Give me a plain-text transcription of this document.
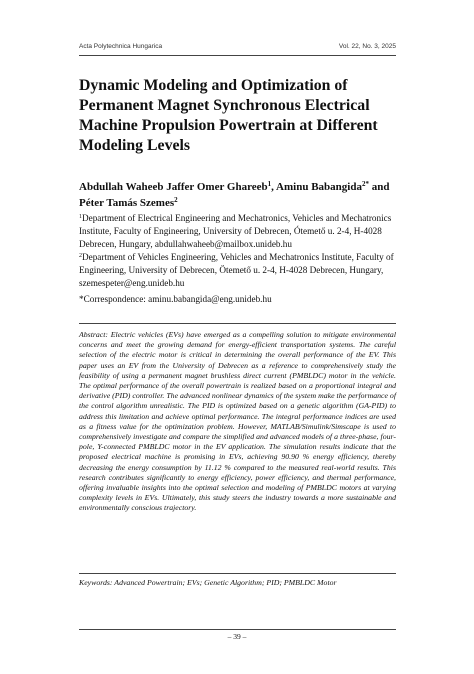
Acta Polytechnica Hungarica	Vol. 22, No. 3, 2025
Dynamic Modeling and Optimization of Permanent Magnet Synchronous Electrical Machine Propulsion Powertrain at Different Modeling Levels

Abdullah Waheeb Jaffer Omer Ghareeb$^1$, Aminu Babangida$^{2*}$ and Péter Tamás Szemes$^2$

$^1$Department of Electrical Engineering and Mechatronics, Vehicles and Mechatronics Institute, Faculty of Engineering, University of Debrecen, Ótemető u. 2-4, H-4028 Debrecen, Hungary, abdullahwaheeb@mailbox.unideb.hu

$^2$Department of Vehicles Engineering, Vehicles and Mechatronics Institute, Faculty of Engineering, University of Debrecen, Ötemető u. 2-4, H-4028 Debrecen, Hungary, szemespeter@eng.unideb.hu

*Correspondence: aminu.babangida@eng.unideb.hu

Abstract: Electric vehicles (EVs) have emerged as a compelling solution to mitigate environmental concerns and meet the growing demand for energy-efficient transportation systems. The careful selection of the electric motor is critical in determining the overall performance of the EV. This paper uses an EV from the University of Debrecen as a reference to comprehensively study the feasibility of using a permanent magnet brushless direct current (PMBLDC) motor in the vehicle. The optimal performance of the overall powertrain is realized based on a proportional integral and derivative (PID) controller. The advanced nonlinear dynamics of the system make the performance of the control algorithm unrealistic. The PID is optimized based on a genetic algorithm (GA-PID) to address this limitation and achieve optimal performance. The integral performance indices are used as a fitness value for the optimization problem. However, MATLAB/Simulink/Simscape is used to comprehensively investigate and compare the simplified and advanced models of a three-phase, four-pole, Y-connected PMBLDC motor in the EV application. The simulation results indicate that the proposed electrical machine is promising in EVs, achieving 90.90 % energy efficiency, thereby decreasing the energy consumption by 11.12 % compared to the measured real-world results. This research contributes significantly to energy efficiency, power efficiency, and thermal performance, offering invaluable insights into the optimal selection and modeling of PMBLDC motors at varying complexity levels in EVs. Ultimately, this study steers the industry towards a more sustainable and environmentally conscious trajectory.

Keywords: Advanced Powertrain; EVs; Genetic Algorithm; PID; PMBLDC Motor

– 39 –
